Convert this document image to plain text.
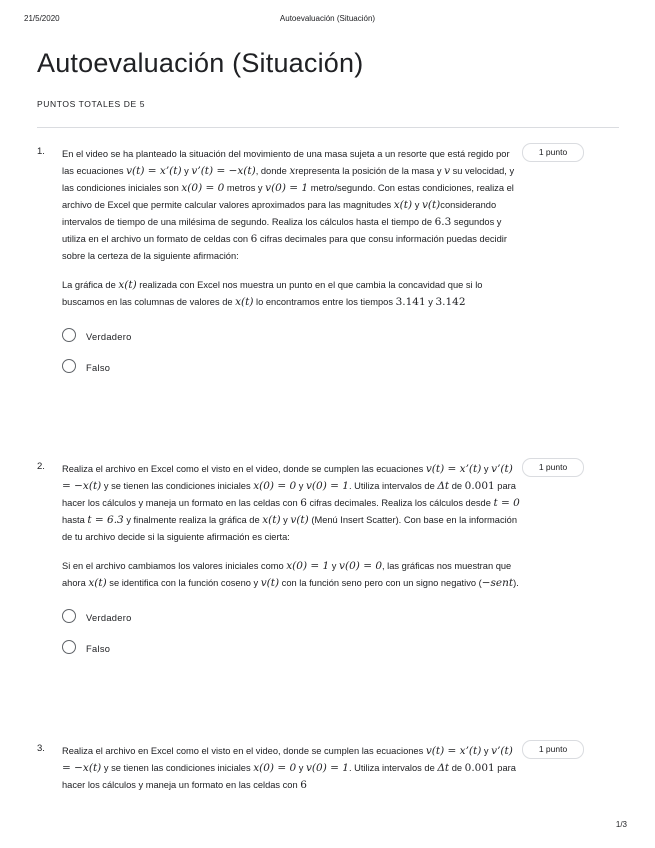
21/5/2020	Autoevaluación (Situación)
Autoevaluación (Situación)
PUNTOS TOTALES DE 5
1.	1 punto

En el video se ha planteado la situación del movimiento de una masa sujeta a un resorte que está regido por las ecuaciones v(t) = x’(t) y v’(t) = −x(t), donde xrepresenta la posición de la masa y v su velocidad, y las condiciones iniciales son x(0) = 0 metros y v(0) = 1 metro/segundo. Con estas condiciones, realiza el archivo de Excel que permite calcular valores aproximados para las magnitudes x(t) y v(t)considerando intervalos de tiempo de una milésima de segundo. Realiza los cálculos hasta el tiempo de 6.3 segundos y utiliza en el archivo un formato de celdas con 6 cifras decimales para que consu información puedas decidir sobre la certeza de la siguiente afirmación:

La gráfica de x(t) realizada con Excel nos muestra un punto en el que cambia la concavidad que si lo buscamos en las columnas de valores de x(t) lo encontramos entre los tiempos 3.141 y 3.142

Verdadero
Falso
2.	1 punto

Realiza el archivo en Excel como el visto en el video, donde se cumplen las ecuaciones v(t) = x’(t) y v’(t) = −x(t) y se tienen las condiciones iniciales x(0) = 0 y v(0) = 1. Utiliza intervalos de Δt de 0.001 para hacer los cálculos y maneja un formato en las celdas con 6 cifras decimales. Realiza los cálculos desde t = 0 hasta t = 6.3 y finalmente realiza la gráfica de x(t) y v(t) (Menú Insert Scatter). Con base en la información de tu archivo decide si la siguiente afirmación es cierta:

Si en el archivo cambiamos los valores iniciales como x(0) = 1 y v(0) = 0, las gráficas nos muestran que ahora x(t) se identifica con la función coseno y v(t) con la función seno pero con un signo negativo (−sent).

Verdadero
Falso
3.	1 punto

Realiza el archivo en Excel como el visto en el video, donde se cumplen las ecuaciones v(t) = x’(t) y v’(t) = −x(t) y se tienen las condiciones iniciales x(0) = 0 y v(0) = 1. Utiliza intervalos de Δt de 0.001 para hacer los cálculos y maneja un formato en las celdas con 6

1/3
